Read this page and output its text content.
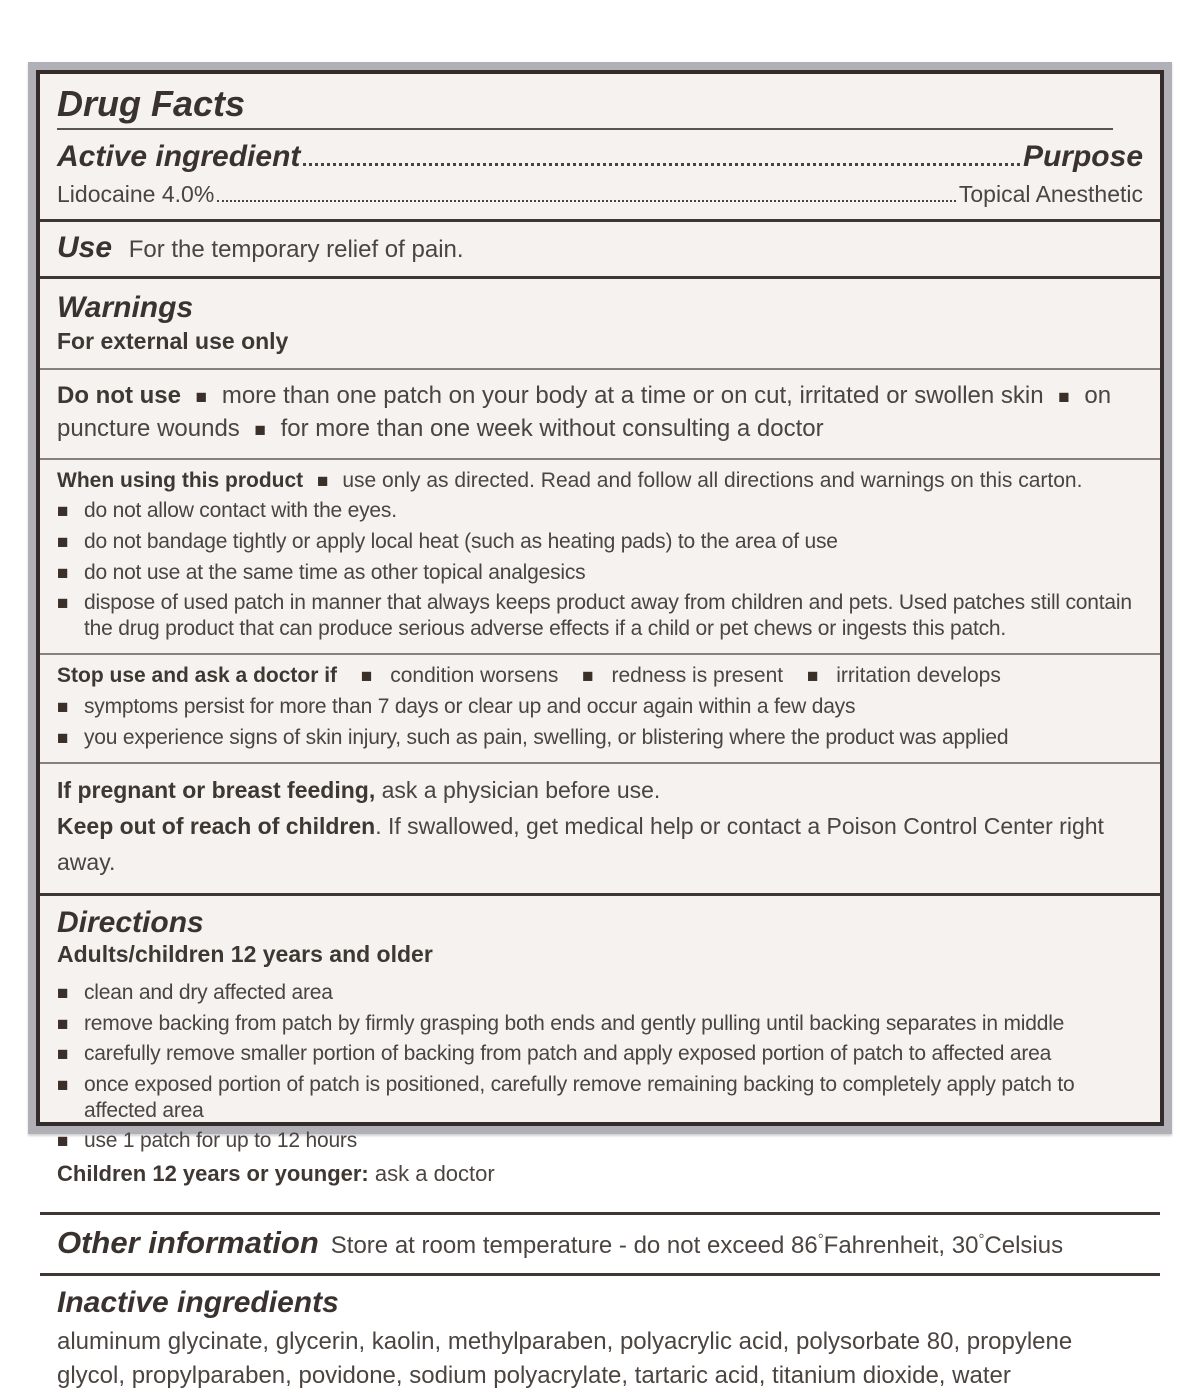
Drug Facts
Active ingredient	Purpose
Lidocaine 4.0%	Topical Anesthetic
Use For the temporary relief of pain.
Warnings
For external use only

Do not use ■ more than one patch on your body at a time or on cut, irritated or swollen skin ■ on puncture wounds ■ for more than one week without consulting a doctor

When using this product ■ use only as directed. Read and follow all directions and warnings on this carton.
■ do not allow contact with the eyes.
■ do not bandage tightly or apply local heat (such as heating pads) to the area of use
■ do not use at the same time as other topical analgesics
■ dispose of used patch in manner that always keeps product away from children and pets. Used patches still contain the drug product that can produce serious adverse effects if a child or pet chews or ingests this patch.
Stop use and ask a doctor if ■ condition worsens ■ redness is present ■ irritation develops
■ symptoms persist for more than 7 days or clear up and occur again within a few days
■ you experience signs of skin injury, such as pain, swelling, or blistering where the product was applied
If pregnant or breast feeding, ask a physician before use.
Keep out of reach of children. If swallowed, get medical help or contact a Poison Control Center right away.
Directions
Adults/children 12 years and older
■ clean and dry affected area
■ remove backing from patch by firmly grasping both ends and gently pulling until backing separates in middle
■ carefully remove smaller portion of backing from patch and apply exposed portion of patch to affected area
■ once exposed portion of patch is positioned, carefully remove remaining backing to completely apply patch to affected area
■ use 1 patch for up to 12 hours
Children 12 years or younger: ask a doctor
Other information Store at room temperature - do not exceed 86°Fahrenheit, 30°Celsius
Inactive ingredients

aluminum glycinate, glycerin, kaolin, methylparaben, polyacrylic acid, polysorbate 80, propylene glycol, propylparaben, povidone, sodium polyacrylate, tartaric acid, titanium dioxide, water
